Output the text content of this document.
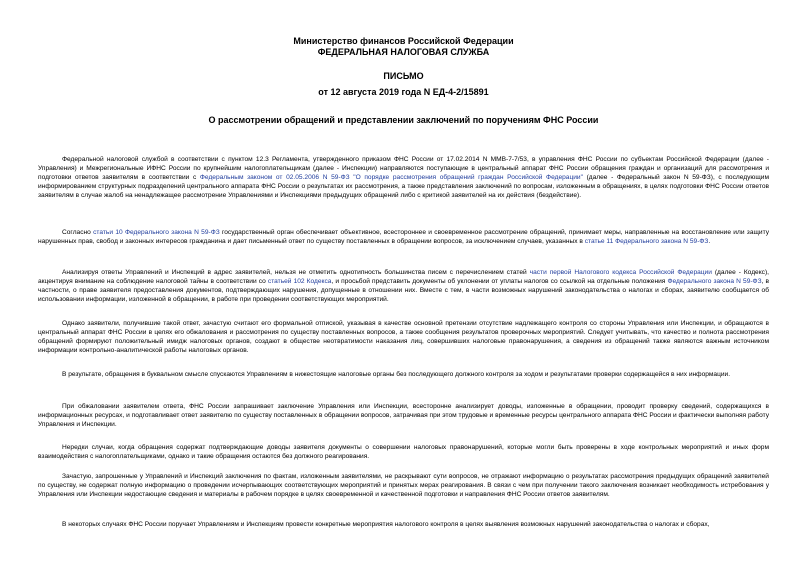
Министерство финансов Российской Федерации
ФЕДЕРАЛЬНАЯ НАЛОГОВАЯ СЛУЖБА
ПИСЬМО
от 12 августа 2019 года N ЕД-4-2/15891
О рассмотрении обращений и представлении заключений по поручениям ФНС России

Федеральной налоговой службой в соответствии с пунктом 12.3 Регламента, утвержденного приказом ФНС России от 17.02.2014 N ММВ-7-7/53, в управления ФНС России по субъектам Российской Федерации (далее - Управления) и Межрегиональные ИФНС России по крупнейшим налогоплательщикам (далее - Инспекции) направляются поступающие в центральный аппарат ФНС России обращения граждан и организаций для рассмотрения и подготовки ответов заявителям в соответствии с Федеральным законом от 02.05.2006 N 59-ФЗ "О порядке рассмотрения обращений граждан Российской Федерации" (далее - Федеральный закон N 59-ФЗ), с последующим информированием структурных подразделений центрального аппарата ФНС России о результатах их рассмотрения, а также представления заключений по вопросам, изложенным в обращениях, в целях подготовки ФНС России ответов заявителям в случае жалоб на ненадлежащее рассмотрение Управлениями и Инспекциями предыдущих обращений либо с критикой заявителей на их действия (бездействие).

Согласно статьи 10 Федерального закона N 59-ФЗ государственный орган обеспечивает объективное, всестороннее и своевременное рассмотрение обращений, принимает меры, направленные на восстановление или защиту нарушенных прав, свобод и законных интересов гражданина и дает письменный ответ по существу поставленных в обращении вопросов, за исключением случаев, указанных в статье 11 Федерального закона N 59-ФЗ.

Анализируя ответы Управлений и Инспекций в адрес заявителей, нельзя не отметить однотипность большинства писем с перечислением статей части первой Налогового кодекса Российской Федерации (далее - Кодекс), акцентируя внимание на соблюдение налоговой тайны в соответствии со статьей 102 Кодекса, и просьбой представить документы об уклонении от уплаты налогов со ссылкой на отдельные положения Федерального закона N 59-ФЗ, в частности, о праве заявителя предоставления документов, подтверждающих нарушения, допущенные в отношении них. Вместе с тем, в части возможных нарушений законодательства о налогах и сборах, заявителю сообщается об использовании информации, изложенной в обращении, в работе при проведении соответствующих мероприятий.

Однако заявители, получившие такой ответ, зачастую считают его формальной отпиской, указывая в качестве основной претензии отсутствие надлежащего контроля со стороны Управления или Инспекции, и обращаются в центральный аппарат ФНС России в целях его обжалования и рассмотрения по существу поставленных вопросов, а также сообщения результатов проверочных мероприятий. Следует учитывать, что качество и полнота рассмотрения обращений формируют положительный имидж налоговых органов, создают в обществе неотвратимости наказания лиц, совершивших налоговые правонарушения, а сведения из обращений также являются важным источником информации контрольно-аналитической работы налоговых органов.

В результате, обращения в буквальном смысле спускаются Управлениям в нижестоящие налоговые органы без последующего должного контроля за ходом и результатами проверки содержащейся в них информации.

При обжаловании заявителем ответа, ФНС России запрашивает заключение Управления или Инспекции, всесторонне анализирует доводы, изложенные в обращении, проводит проверку сведений, содержащихся в информационных ресурсах, и подготавливает ответ заявителю по существу поставленных в обращении вопросов, затрачивая при этом трудовые и временные ресурсы центрального аппарата ФНС России и фактически выполняя работу Управления и Инспекции.

Нередки случаи, когда обращения содержат подтверждающие доводы заявителя документы о совершении налоговых правонарушений, которые могли быть проверены в ходе контрольных мероприятий и иных форм взаимодействия с налогоплательщиками, однако и такие обращения остаются без должного реагирования.

Зачастую, запрошенные у Управлений и Инспекций заключения по фактам, изложенным заявителями, не раскрывают сути вопросов, не отражают информацию о результатах рассмотрения предыдущих обращений заявителей по существу, не содержат полную информацию о проведении исчерпывающих соответствующих мероприятий и принятых мерах реагирования. В связи с чем при получении такого заключения возникает необходимость истребования у Управления или Инспекции недостающие сведения и материалы в рабочем порядке в целях своевременной и качественной подготовки и направления ФНС России ответов заявителям.

В некоторых случаях ФНС России поручает Управлениям и Инспекциям провести конкретные мероприятия налогового контроля в целях выявления возможных нарушений законодательства о налогах и сборах,
